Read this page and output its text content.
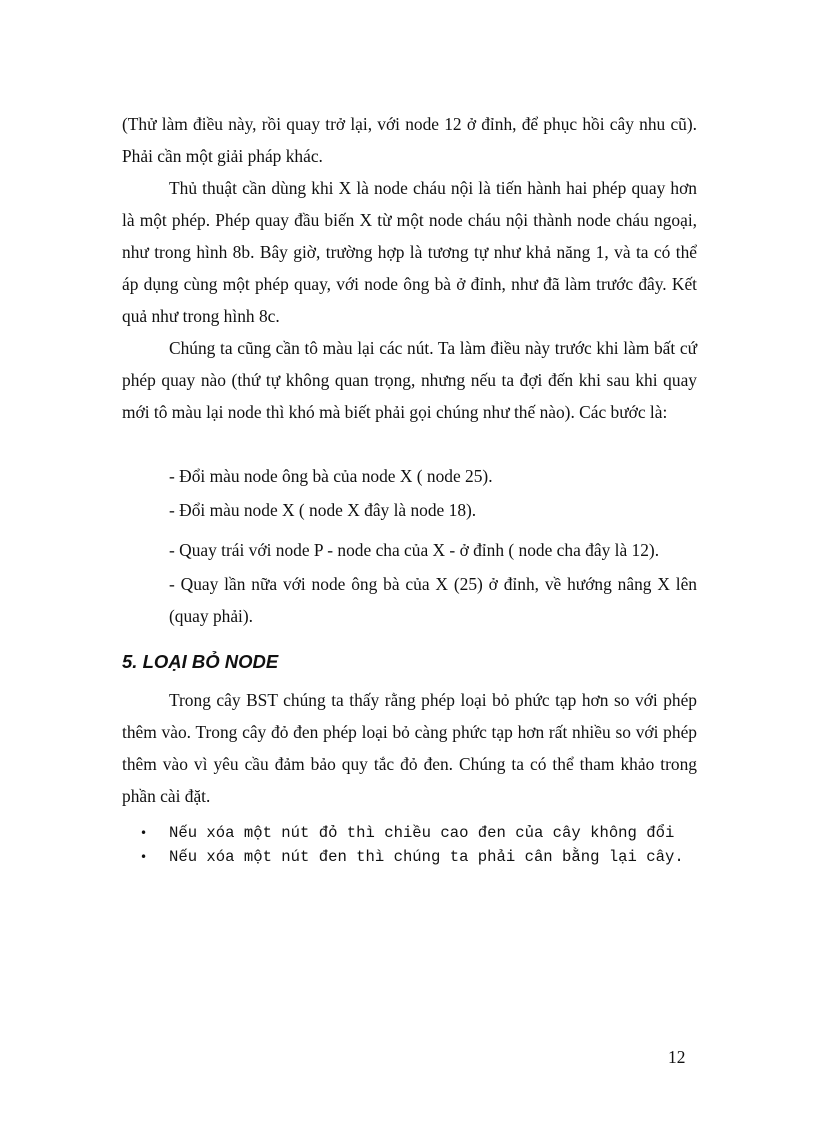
(Thử làm điều này, rồi quay trở lại, với node 12 ở đỉnh, để phục hồi cây nhu cũ). Phải cần một giải pháp khác.

Thủ thuật cần dùng khi X là node cháu nội là tiến hành hai phép quay hơn là một phép. Phép quay đầu biến X từ một node cháu nội thành node cháu ngoại, như trong hình 8b. Bây giờ, trường hợp là tương tự như khả năng 1, và ta có thể áp dụng cùng một phép quay, với node ông bà ở đỉnh, như đã làm trước đây. Kết quả như trong hình 8c.

Chúng ta cũng cần tô màu lại các nút. Ta làm điều này trước khi làm bất cứ phép quay nào (thứ tự không quan trọng, nhưng nếu ta đợi đến khi sau khi quay mới tô màu lại node thì khó mà biết phải gọi chúng như thế nào). Các bước là:

- Đổi màu node ông bà của node X ( node 25).

- Đổi màu node X ( node X đây là node 18).

- Quay trái với node P - node cha của X - ở đỉnh ( node cha đây là 12).

- Quay lần nữa với node ông bà của X (25) ở đỉnh, về hướng nâng X lên (quay phải).

5. LOẠI BỎ NODE

Trong cây BST chúng ta thấy rằng phép loại bỏ phức tạp hơn so với phép thêm vào. Trong cây đỏ đen phép loại bỏ càng phức tạp hơn rất nhiều so với phép thêm vào vì yêu cầu đảm bảo quy tắc đỏ đen. Chúng ta có thể tham khảo trong phần cài đặt.

• Nếu xóa một nút đỏ thì chiều cao đen của cây không đổi
• Nếu xóa một nút đen thì chúng ta phải cân bằng lại cây.

12
